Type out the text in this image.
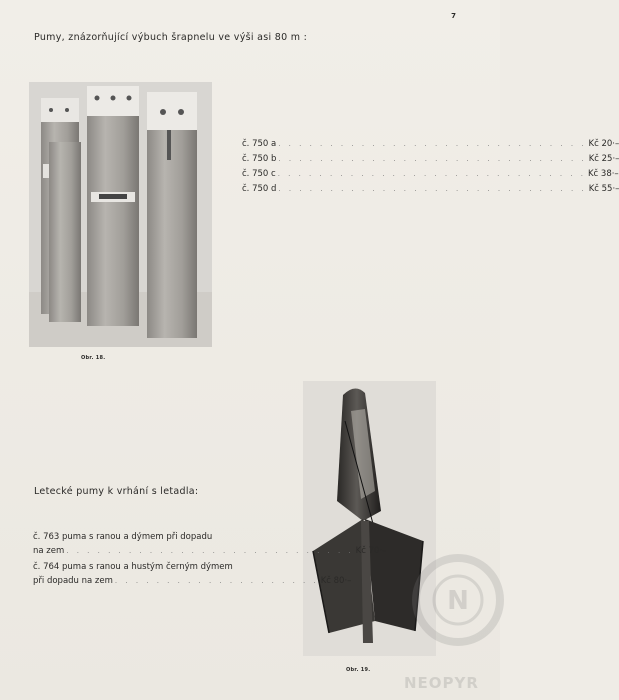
7
Pumy, znázorňující výbuch šrapnelu ve výši asi 80 m :
Obr. 18.
č. 750 a . . . . . . . . . . . . . . . . . . . . . . . . . . . . . . Kč 20·–
č. 750 b . . . . . . . . . . . . . . . . . . . . . . . . . . . . . . Kč 25·–
č. 750 c . . . . . . . . . . . . . . . . . . . . . . . . . . . . . . Kč 38·–
č. 750 d . . . . . . . . . . . . . . . . . . . . . . . . . . . . . . Kč 55·–
Obr. 19.
Letecké pumy k vrhání s letadla:
č. 763 puma s ranou a dýmem při dopadu
na zem . . . . . . . . . . . . . . . . . . . . . . . . . . . . Kč 70·–
č. 764 puma s ranou a hustým černým dýmem
při dopadu na zem . . . . . . . . . . . . . . . . . . . . Kč 80·–
N
NEOPYR
